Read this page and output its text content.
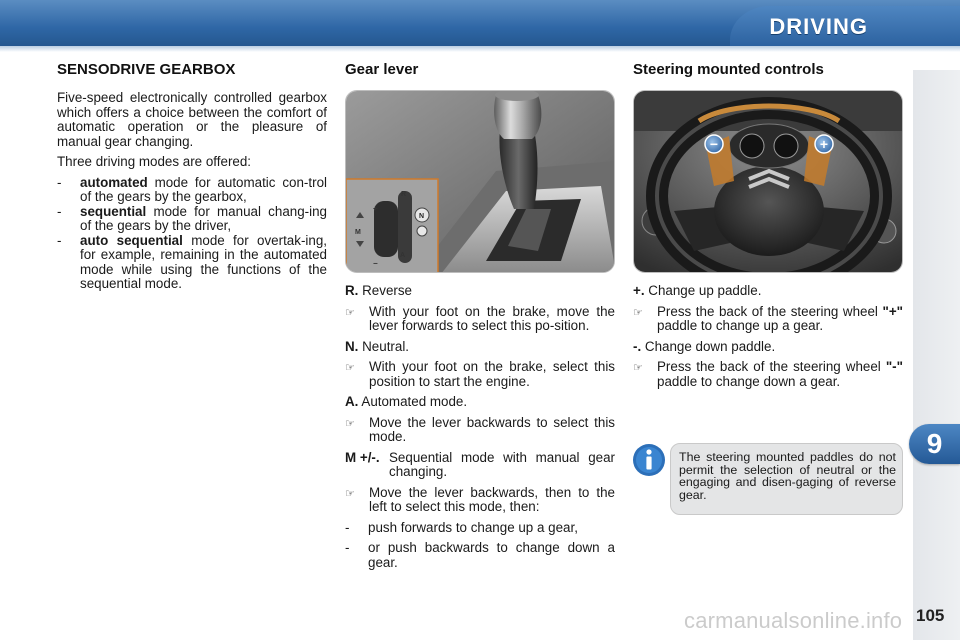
DRIVING
9
105
SENSODRIVE GEARBOX

Five-speed electronically controlled gearbox which offers a choice between the comfort of automatic operation or the pleasure of manual gear changing.

Three driving modes are offered:

-	automated mode for automatic con-trol of the gears by the gearbox,
-	sequential mode for manual chang-ing of the gears by the driver,
-	auto sequential mode for overtak-ing, for example, remaining in the automated mode while using the functions of the sequential mode.
Gear lever
R
N
A
M
+
−

R. Reverse

☞	With your foot on the brake, move the lever forwards to select this po-sition.

N. Neutral.

☞	With your foot on the brake, select this position to start the engine.

A. Automated mode.

☞	Move the lever backwards to select this mode.
M +/-. Sequential mode with manual gear changing.
☞	Move the lever backwards, then to the left to select this mode, then:
-	push forwards to change up a gear,
-	or push backwards to change down a gear.
Steering mounted controls
−	+

+. Change up paddle.

☞	Press the back of the steering wheel "+" paddle to change up a gear.

-. Change down paddle.

☞	Press the back of the steering wheel "-" paddle to change down a gear.
The steering mounted paddles do not permit the selection of neutral or the engaging and disen-gaging of reverse gear.
carmanualsonline.info
